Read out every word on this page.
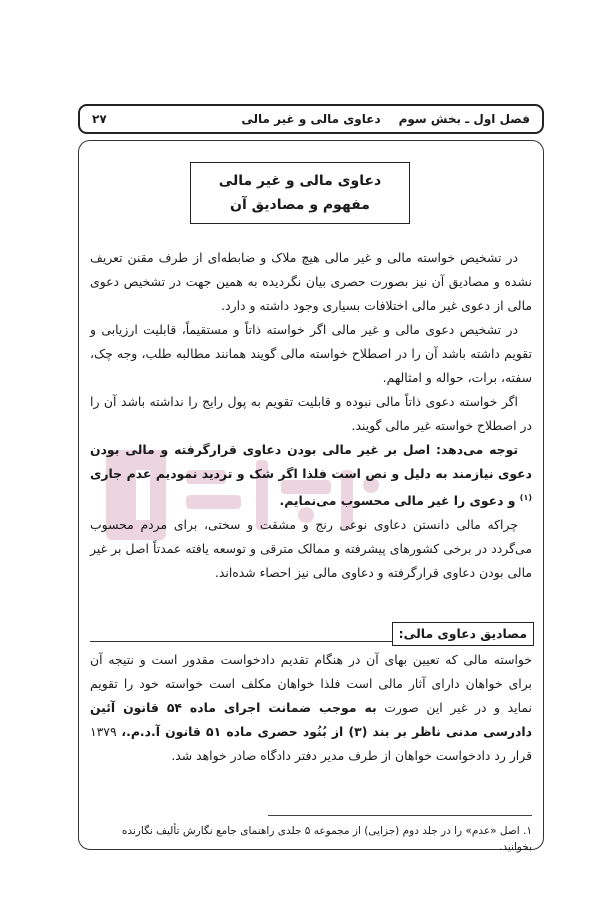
فصل اول ـ بخش سوم
دعاوی مالی و غیر مالی
۲۷
دعاوی مالی و غیر مالی
مفهوم و مصادیق آن

در تشخیص خواسته مالی و غیر مالی هیچ ملاک و ضابطه‌ای از طرف مقنن تعریف نشده و مصادیق آن نیز بصورت حصری بیان نگردیده به همین جهت در تشخیص دعوی مالی از دعوی غیر مالی اختلافات بسیاری وجود داشته و دارد.

در تشخیص دعوی مالی و غیر مالی اگر خواسته ذاتاً و مستقیماً، قابلیت ارزیابی و تقویم داشته باشد آن را در اصطلاح خواسته مالی گویند همانند مطالبه طلب، وجه چک، سفته، برات، حواله و امثالهم.

اگر خواسته دعوی ذاتاً مالی نبوده و قابلیت تقویم به پول رایج را نداشته باشد آن را در اصطلاح خواسته غیر مالی گویند.

توجه می‌دهد: اصل بر غیر مالی بودن دعاوی قرارگرفته و مالی بودن دعوی نیازمند به دلیل و نص است فلذا اگر شک و تردید نمودیم عدم جاری $^{(۱)}$ و دعوی را غیر مالی محسوب می‌نمایم.

چراکه مالی دانستن دعاوی نوعی رنج و مشقت و سختی، برای مردم محسوب می‌گردد در برخی کشورهای پیشرفته و ممالک مترقی و توسعه یافته عمدتاً اصل بر غیر مالی بودن دعاوی قرارگرفته و دعاوی مالی نیز احصاء شده‌اند.

مصادیق دعاوی مالی:

خواسته مالی که تعیین بهای آن در هنگام تقدیم دادخواست مقدور است و نتیجه آن برای خواهان دارای آثار مالی است فلذا خواهان مکلف است خواسته خود را تقویم نماید و در غیر این صورت به موجب ضمانت اجرای ماده ۵۴ قانون آئین دادرسی مدنی ناظر بر بند (۳) از بُنُود حصری ماده ۵۱ قانون آ.د.م.، ۱۳۷۹ قرار رد دادخواست خواهان از طرف مدیر دفتر دادگاه صادر خواهد شد.

۱. اصل «عدم» را در جلد دوم (جزایی) از مجموعه ۵ جلدی راهنمای جامع نگارش تألیف نگارنده بخوانید.
